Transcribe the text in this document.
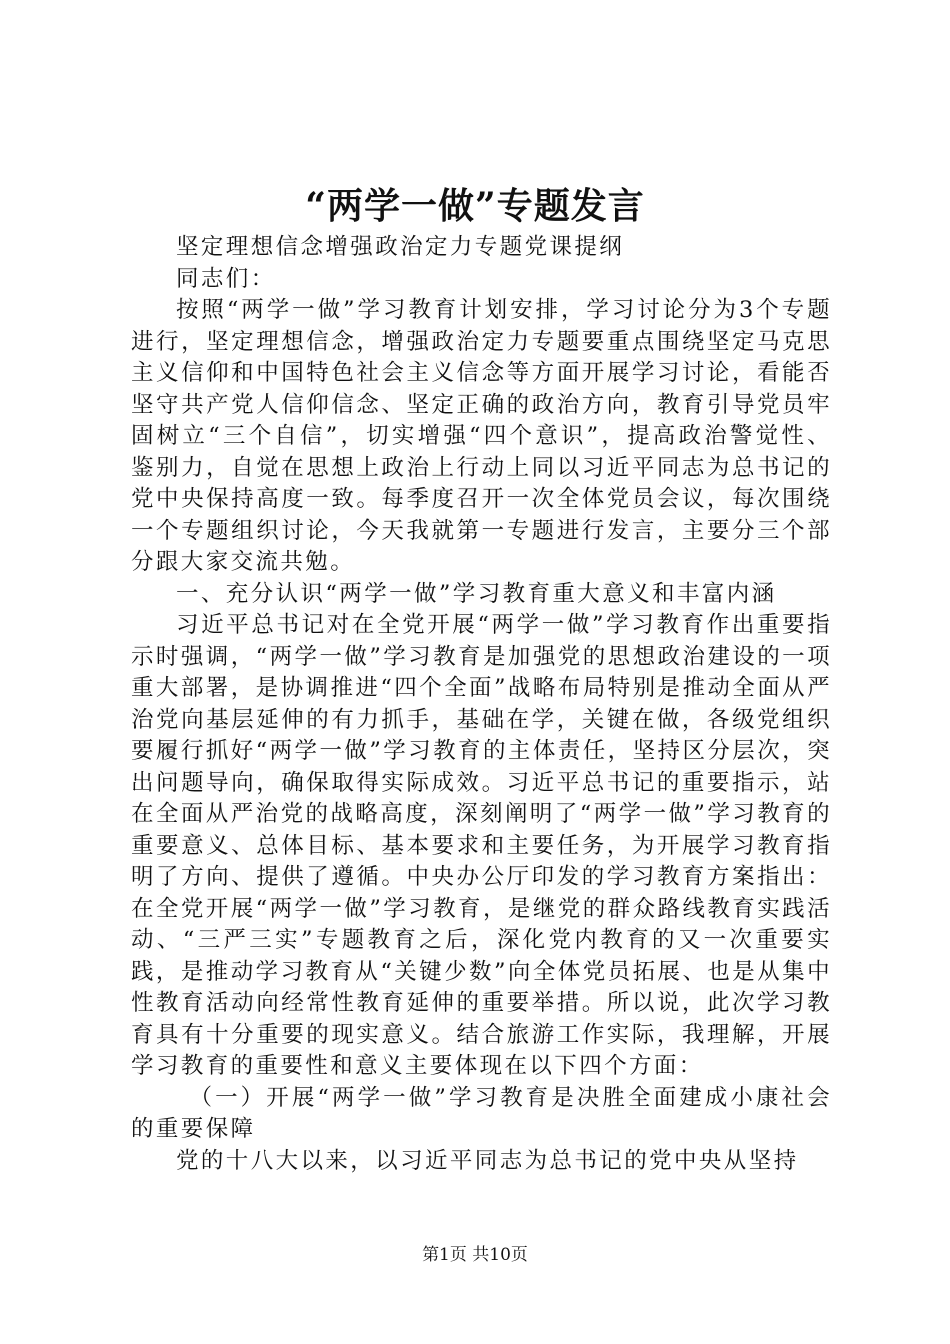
“两学一做”专题发言

坚定理想信念增强政治定力专题党课提纲

同志们：

按照“两学一做”学习教育计划安排，学习讨论分为3个专题进行，坚定理想信念，增强政治定力专题要重点围绕坚定马克思主义信仰和中国特色社会主义信念等方面开展学习讨论，看能否坚守共产党人信仰信念、坚定正确的政治方向，教育引导党员牢固树立“三个自信”，切实增强“四个意识”，提高政治警觉性、鉴别力，自觉在思想上政治上行动上同以习近平同志为总书记的党中央保持高度一致。每季度召开一次全体党员会议，每次围绕一个专题组织讨论，今天我就第一专题进行发言，主要分三个部分跟大家交流共勉。

一、充分认识“两学一做”学习教育重大意义和丰富内涵

习近平总书记对在全党开展“两学一做”学习教育作出重要指示时强调，“两学一做”学习教育是加强党的思想政治建设的一项重大部署，是协调推进“四个全面”战略布局特别是推动全面从严治党向基层延伸的有力抓手，基础在学，关键在做，各级党组织要履行抓好“两学一做”学习教育的主体责任，坚持区分层次，突出问题导向，确保取得实际成效。习近平总书记的重要指示，站在全面从严治党的战略高度，深刻阐明了“两学一做”学习教育的重要意义、总体目标、基本要求和主要任务，为开展学习教育指明了方向、提供了遵循。中央办公厅印发的学习教育方案指出：在全党开展“两学一做”学习教育，是继党的群众路线教育实践活动、“三严三实”专题教育之后，深化党内教育的又一次重要实践，是推动学习教育从“关键少数”向全体党员拓展、也是从集中性教育活动向经常性教育延伸的重要举措。所以说，此次学习教育具有十分重要的现实意义。结合旅游工作实际，我理解，开展学习教育的重要性和意义主要体现在以下四个方面：

（一）开展“两学一做”学习教育是决胜全面建成小康社会的重要保障

党的十八大以来，以习近平同志为总书记的党中央从坚持

第1页 共10页
